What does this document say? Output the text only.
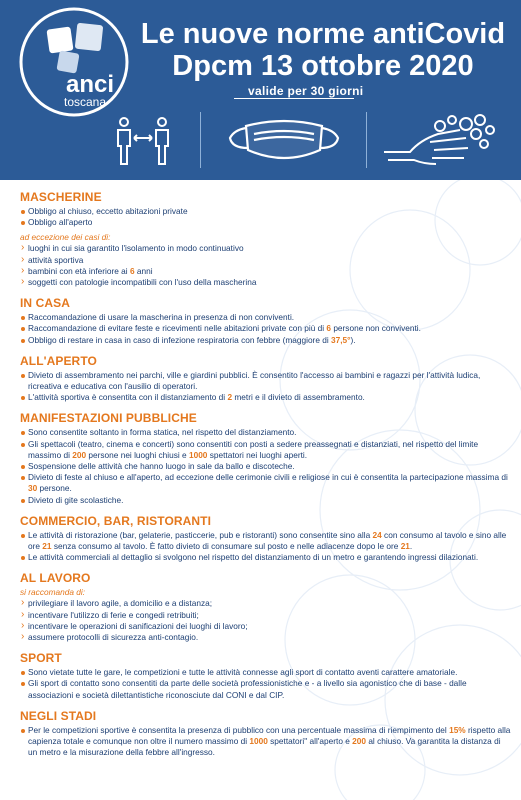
anci
toscana
Le nuove norme antiCovid
Dpcm 13 ottobre 2020
valide per 30 giorni
MASCHERINE
Obbligo al chiuso, eccetto abitazioni private
Obbligo all'aperto
ad eccezione dei casi di:
› luoghi in cui sia garantito l'isolamento in modo continuativo
› attività sportiva
› bambini con età inferiore ai 6 anni
› soggetti con patologie incompatibili con l'uso della mascherina
IN CASA
Raccomandazione di usare la mascherina in presenza di non conviventi.
Raccomandazione di evitare feste e ricevimenti nelle abitazioni private con più di 6 persone non conviventi.
Obbligo di restare in casa in caso di infezione respiratoria con febbre (maggiore di 37,5°).
ALL'APERTO
Divieto di assembramento nei parchi, ville e giardini pubblici. È consentito l'accesso ai bambini e ragazzi per l'attività ludica, ricreativa e educativa con l'ausilio di operatori.
L'attività sportiva è consentita con il distanziamento di 2 metri e il divieto di assembramento.
MANIFESTAZIONI PUBBLICHE
Sono consentite soltanto in forma statica, nel rispetto del distanziamento.
Gli spettacoli (teatro, cinema e concerti) sono consentiti con posti a sedere preassegnati e distanziati, nel rispetto del limite massimo di 200 persone nei luoghi chiusi e 1000 spettatori nei luoghi aperti.
Sospensione delle attività che hanno luogo in sale da ballo e discoteche.
Divieto di feste al chiuso e all'aperto, ad eccezione delle cerimonie civili e religiose in cui è consentita la partecipazione massima di 30 persone.
Divieto di gite scolastiche.
COMMERCIO, BAR, RISTORANTI
Le attività di ristorazione (bar, gelaterie, pasticcerie, pub e ristoranti) sono consentite sino alla 24 con consumo al tavolo e sino alle ore 21 senza consumo al tavolo. È fatto divieto di consumare sul posto e nelle adiacenze dopo le ore 21.
Le attività commerciali al dettaglio si svolgono nel rispetto del distanziamento di un metro e garantendo ingressi dilazionati.
AL LAVORO
si raccomanda di:
› privilegiare il lavoro agile, a domicilio e a distanza;
› incentivare l'utilizzo di ferie e congedi retribuiti;
› incentivare le operazioni di sanificazioni dei luoghi di lavoro;
› assumere protocolli di sicurezza anti-contagio.
SPORT
Sono vietate tutte le gare, le competizioni e tutte le attività connesse agli sport di contatto aventi carattere amatoriale.
Gli sport di contatto sono consentiti da parte delle società professionistiche e - a livello sia agonistico che di base - dalle associazioni e società dilettantistiche riconosciute dal CONI e dal CIP.
NEGLI STADI
Per le competizioni sportive è consentita la presenza di pubblico con una percentuale massima di riempimento del 15% rispetto alla capienza totale e comunque non oltre il numero massimo di 1000 spettatori" all'aperto e 200 al chiuso. Va garantita la distanza di un metro e la misurazione della febbre all'ingresso.
